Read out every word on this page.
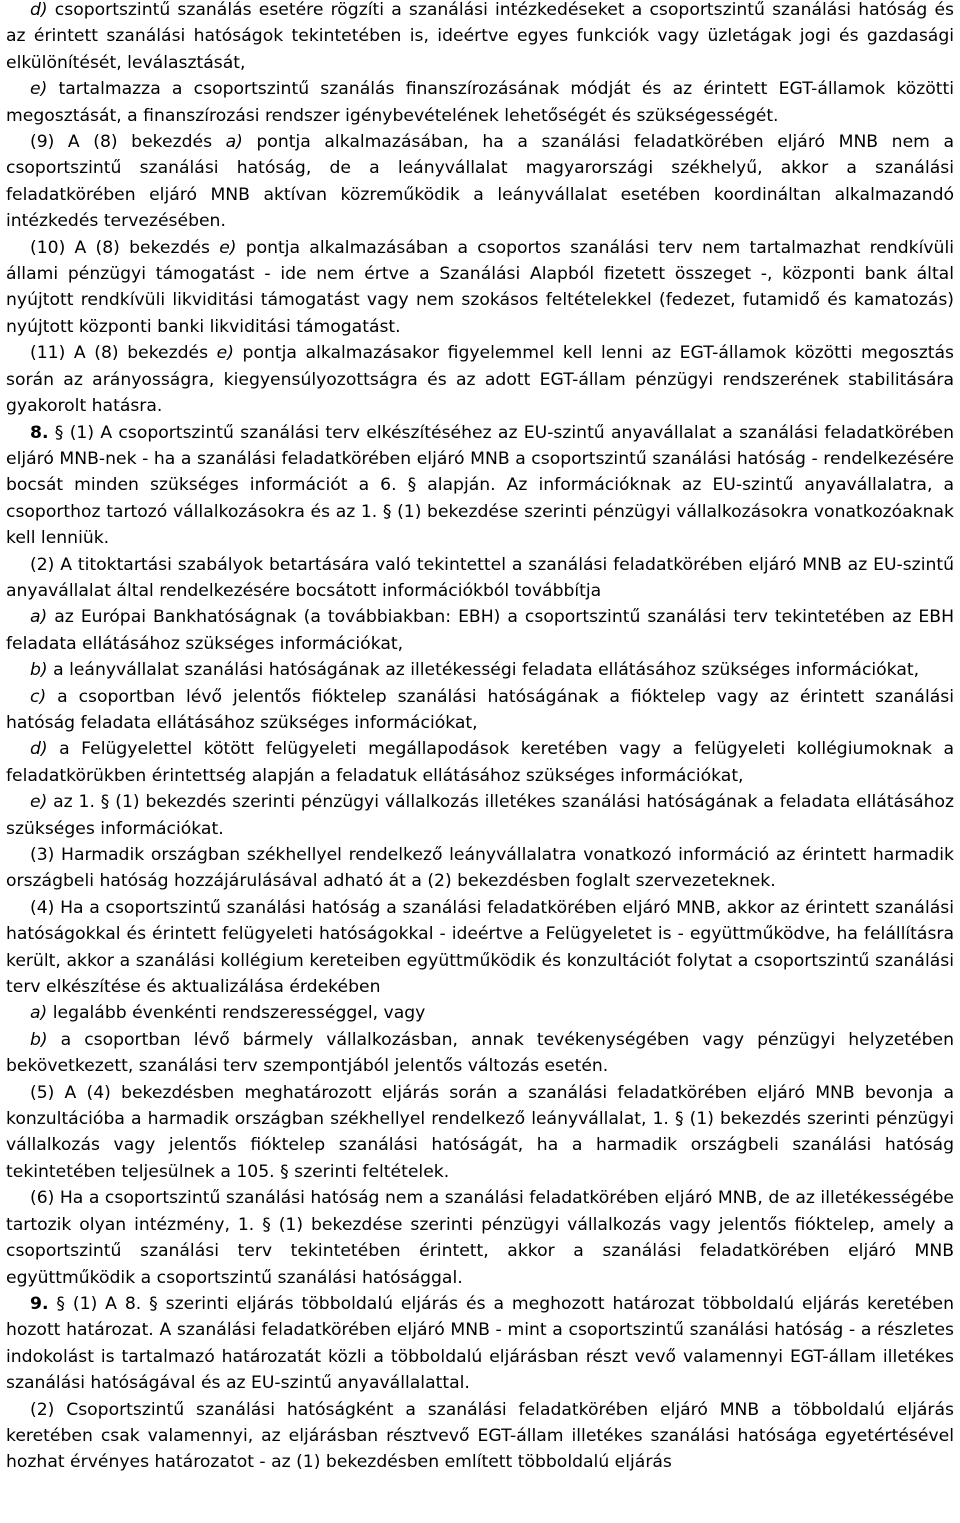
d) csoportszintű szanálás esetére rögzíti a szanálási intézkedéseket a csoportszintű szanálási hatóság és az érintett szanálási hatóságok tekintetében is, ideértve egyes funkciók vagy üzletágak jogi és gazdasági elkülönítését, leválasztását,

e) tartalmazza a csoportszintű szanálás finanszírozásának módját és az érintett EGT-államok közötti megosztását, a finanszírozási rendszer igénybevételének lehetőségét és szükségességét.

(9) A (8) bekezdés a) pontja alkalmazásában, ha a szanálási feladatkörében eljáró MNB nem a csoportszintű szanálási hatóság, de a leányvállalat magyarországi székhelyű, akkor a szanálási feladatkörében eljáró MNB aktívan közreműködik a leányvállalat esetében koordináltan alkalmazandó intézkedés tervezésében.

(10) A (8) bekezdés e) pontja alkalmazásában a csoportos szanálási terv nem tartalmazhat rendkívüli állami pénzügyi támogatást - ide nem értve a Szanálási Alapból fizetett összeget -, központi bank által nyújtott rendkívüli likviditási támogatást vagy nem szokásos feltételekkel (fedezet, futamidő és kamatozás) nyújtott központi banki likviditási támogatást.

(11) A (8) bekezdés e) pontja alkalmazásakor figyelemmel kell lenni az EGT-államok közötti megosztás során az arányosságra, kiegyensúlyozottságra és az adott EGT-állam pénzügyi rendszerének stabilitására gyakorolt hatásra.

8. § (1) A csoportszintű szanálási terv elkészítéséhez az EU-szintű anyavállalat a szanálási feladatkörében eljáró MNB-nek - ha a szanálási feladatkörében eljáró MNB a csoportszintű szanálási hatóság - rendelkezésére bocsát minden szükséges információt a 6. § alapján. Az információknak az EU-szintű anyavállalatra, a csoporthoz tartozó vállalkozásokra és az 1. § (1) bekezdése szerinti pénzügyi vállalkozásokra vonatkozóaknak kell lenniük.

(2) A titoktartási szabályok betartására való tekintettel a szanálási feladatkörében eljáró MNB az EU-szintű anyavállalat által rendelkezésére bocsátott információkból továbbítja

a) az Európai Bankhatóságnak (a továbbiakban: EBH) a csoportszintű szanálási terv tekintetében az EBH feladata ellátásához szükséges információkat,

b) a leányvállalat szanálási hatóságának az illetékességi feladata ellátásához szükséges információkat,

c) a csoportban lévő jelentős fióktelep szanálási hatóságának a fióktelep vagy az érintett szanálási hatóság feladata ellátásához szükséges információkat,

d) a Felügyelettel kötött felügyeleti megállapodások keretében vagy a felügyeleti kollégiumoknak a feladatkörükben érintettség alapján a feladatuk ellátásához szükséges információkat,

e) az 1. § (1) bekezdés szerinti pénzügyi vállalkozás illetékes szanálási hatóságának a feladata ellátásához szükséges információkat.

(3) Harmadik országban székhellyel rendelkező leányvállalatra vonatkozó információ az érintett harmadik országbeli hatóság hozzájárulásával adható át a (2) bekezdésben foglalt szervezeteknek.

(4) Ha a csoportszintű szanálási hatóság a szanálási feladatkörében eljáró MNB, akkor az érintett szanálási hatóságokkal és érintett felügyeleti hatóságokkal - ideértve a Felügyeletet is - együttműködve, ha felállításra került, akkor a szanálási kollégium kereteiben együttműködik és konzultációt folytat a csoportszintű szanálási terv elkészítése és aktualizálása érdekében

a) legalább évenkénti rendszerességgel, vagy

b) a csoportban lévő bármely vállalkozásban, annak tevékenységében vagy pénzügyi helyzetében bekövetkezett, szanálási terv szempontjából jelentős változás esetén.

(5) A (4) bekezdésben meghatározott eljárás során a szanálási feladatkörében eljáró MNB bevonja a konzultációba a harmadik országban székhellyel rendelkező leányvállalat, 1. § (1) bekezdés szerinti pénzügyi vállalkozás vagy jelentős fióktelep szanálási hatóságát, ha a harmadik országbeli szanálási hatóság tekintetében teljesülnek a 105. § szerinti feltételek.

(6) Ha a csoportszintű szanálási hatóság nem a szanálási feladatkörében eljáró MNB, de az illetékességébe tartozik olyan intézmény, 1. § (1) bekezdése szerinti pénzügyi vállalkozás vagy jelentős fióktelep, amely a csoportszintű szanálási terv tekintetében érintett, akkor a szanálási feladatkörében eljáró MNB együttműködik a csoportszintű szanálási hatósággal.

9. § (1) A 8. § szerinti eljárás többoldalú eljárás és a meghozott határozat többoldalú eljárás keretében hozott határozat. A szanálási feladatkörében eljáró MNB - mint a csoportszintű szanálási hatóság - a részletes indokolást is tartalmazó határozatát közli a többoldalú eljárásban részt vevő valamennyi EGT-állam illetékes szanálási hatóságával és az EU-szintű anyavállalattal.

(2) Csoportszintű szanálási hatóságként a szanálási feladatkörében eljáró MNB a többoldalú eljárás keretében csak valamennyi, az eljárásban résztvevő EGT-állam illetékes szanálási hatósága egyetértésével hozhat érvényes határozatot - az (1) bekezdésben említett többoldalú eljárás
